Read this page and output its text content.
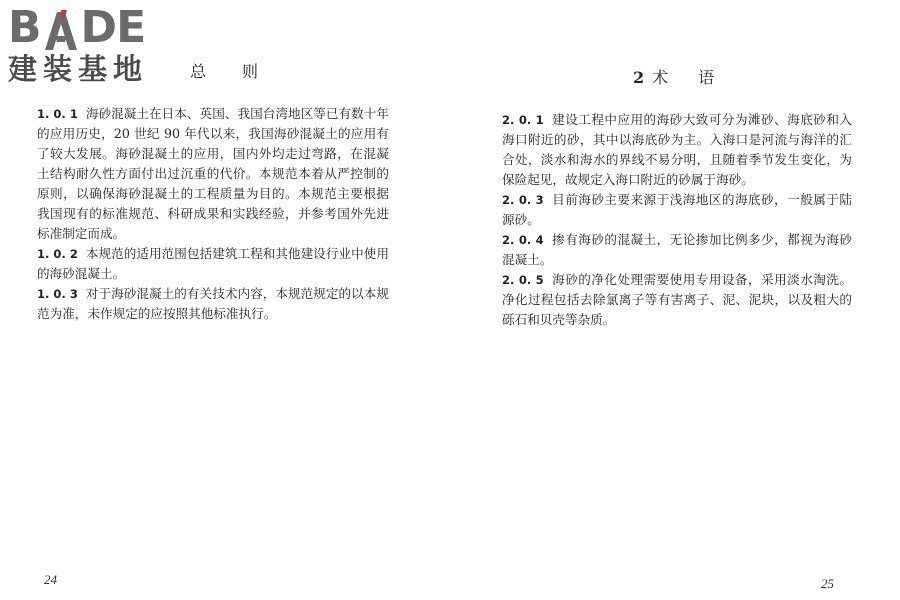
B DE
建装基地	总 则

1. 0. 1 海砂混凝土在日本、英国、我国台湾地区等已有数十年的应用历史，20 世纪 90 年代以来，我国海砂混凝土的应用有了较大发展。海砂混凝土的应用，国内外均走过弯路，在混凝土结构耐久性方面付出过沉重的代价。本规范本着从严控制的原则，以确保海砂混凝土的工程质量为目的。本规范主要根据我国现有的标准规范、科研成果和实践经验，并参考国外先进标准制定而成。

1. 0. 2 本规范的适用范围包括建筑工程和其他建设行业中使用的海砂混凝土。

1. 0. 3 对于海砂混凝土的有关技术内容，本规范规定的以本规范为准，未作规定的应按照其他标准执行。

24
2 术 语

2. 0. 1 建设工程中应用的海砂大致可分为滩砂、海底砂和入海口附近的砂，其中以海底砂为主。入海口是河流与海洋的汇合处，淡水和海水的界线不易分明，且随着季节发生变化，为保险起见，故规定入海口附近的砂属于海砂。

2. 0. 3 目前海砂主要来源于浅海地区的海底砂，一般属于陆源砂。

2. 0. 4 掺有海砂的混凝土，无论掺加比例多少，都视为海砂混凝土。

2. 0. 5 海砂的净化处理需要使用专用设备，采用淡水淘洗。净化过程包括去除氯离子等有害离子、泥、泥块，以及粗大的砾石和贝壳等杂质。

25
